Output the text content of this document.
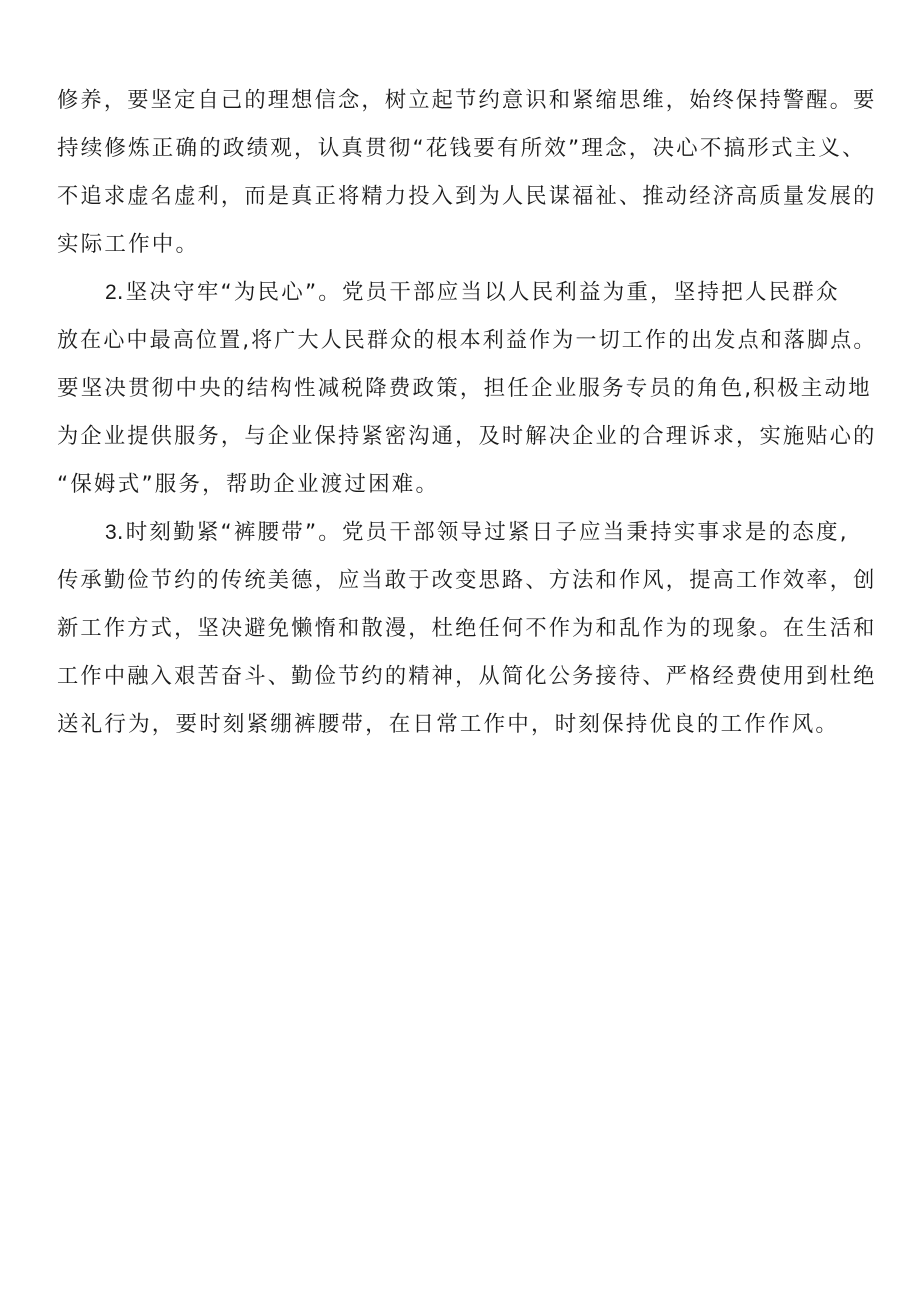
修养，要坚定自己的理想信念，树立起节约意识和紧缩思维，始终保持警醒。要
持续修炼正确的政绩观，认真贯彻“花钱要有所效”理念，决心不搞形式主义、
不追求虚名虚利，而是真正将精力投入到为人民谋福祉、推动经济高质量发展的
实际工作中。
2.坚决守牢“为民心”。党员干部应当以人民利益为重，坚持把人民群众
放在心中最高位置,将广大人民群众的根本利益作为一切工作的出发点和落脚点。
要坚决贯彻中央的结构性减税降费政策，担任企业服务专员的角色,积极主动地
为企业提供服务，与企业保持紧密沟通，及时解决企业的合理诉求，实施贴心的
“保姆式”服务，帮助企业渡过困难。
3.时刻勤紧“裤腰带”。党员干部领导过紧日子应当秉持实事求是的态度,
传承勤俭节约的传统美德，应当敢于改变思路、方法和作风，提高工作效率，创
新工作方式，坚决避免懒惰和散漫，杜绝任何不作为和乱作为的现象。在生活和
工作中融入艰苦奋斗、勤俭节约的精神，从简化公务接待、严格经费使用到杜绝
送礼行为，要时刻紧绷裤腰带，在日常工作中，时刻保持优良的工作作风。
